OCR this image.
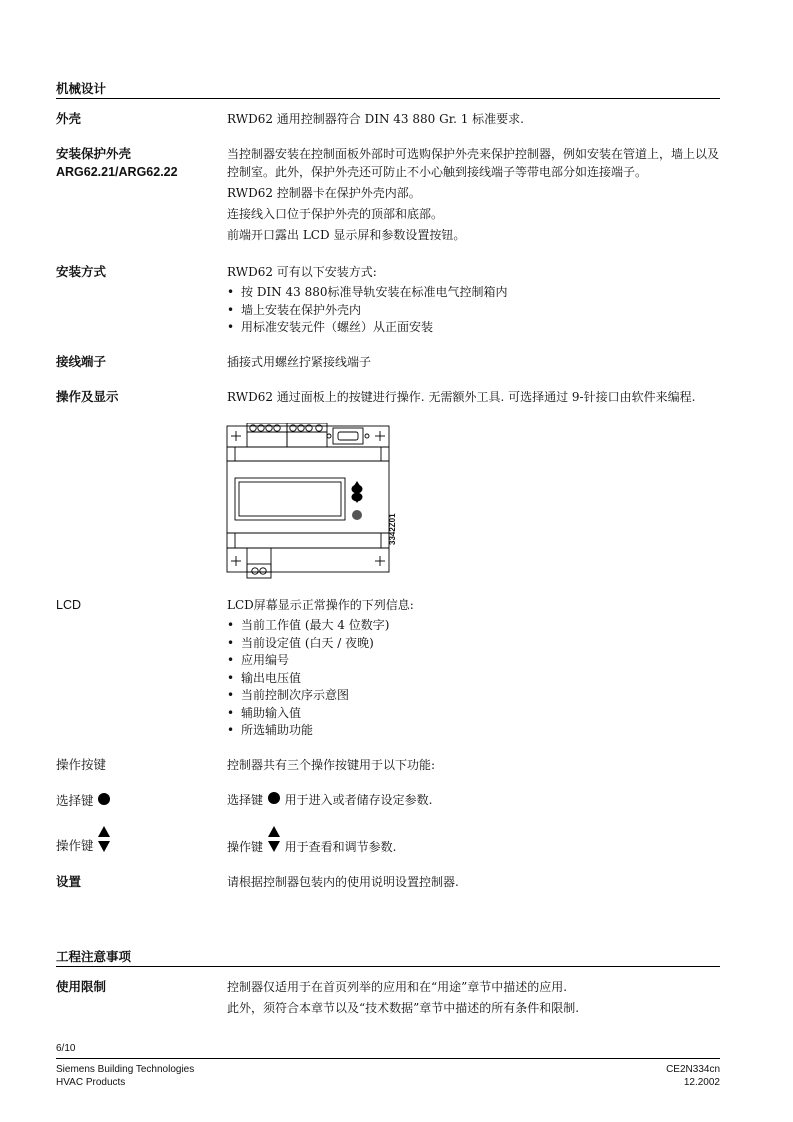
机械设计
外壳	RWD62 通用控制器符合 DIN 43 880 Gr. 1 标准要求.
安装保护外壳
ARG62.21/ARG62.22

当控制器安装在控制面板外部时可选购保护外壳来保护控制器，例如安装在管道上，墙上以及控制室。此外，保护外壳还可防止不小心触到接线端子等带电部分如连接端子。

RWD62 控制器卡在保护外壳内部。

连接线入口位于保护外壳的顶部和底部。

前端开口露出 LCD 显示屏和参数设置按钮。

安装方式	RWD62 可有以下安装方式:

• 按 DIN 43 880标准导轨安装在标准电气控制箱内
• 墙上安装在保护外壳内
• 用标准安装元件（螺丝）从正面安装
接线端子	插接式用螺丝拧紧接线端子
操作及显示	RWD62 通过面板上的按键进行操作. 无需额外工具. 可选择通过 9-针接口由软件来编程.
3342Z01
LCD	LCD屏幕显示正常操作的下列信息:

• 当前工作值 (最大 4 位数字)
• 当前设定值 (白天 / 夜晚)
• 应用编号
• 输出电压值
• 当前控制次序示意图
• 辅助输入值
• 所选辅助功能
操作按键	控制器共有三个操作按键用于以下功能:
选择键	选择键 用于进入或者储存设定参数.
操作键	操作键 用于查看和调节参数.
设置	请根据控制器包装内的使用说明设置控制器.
工程注意事项
使用限制	控制器仅适用于在首页列举的应用和在“用途”章节中描述的应用.

此外，须符合本章节以及“技术数据”章节中描述的所有条件和限制.

6/10
Siemens Building Technologies
HVAC Products
CE2N334cn
12.2002
